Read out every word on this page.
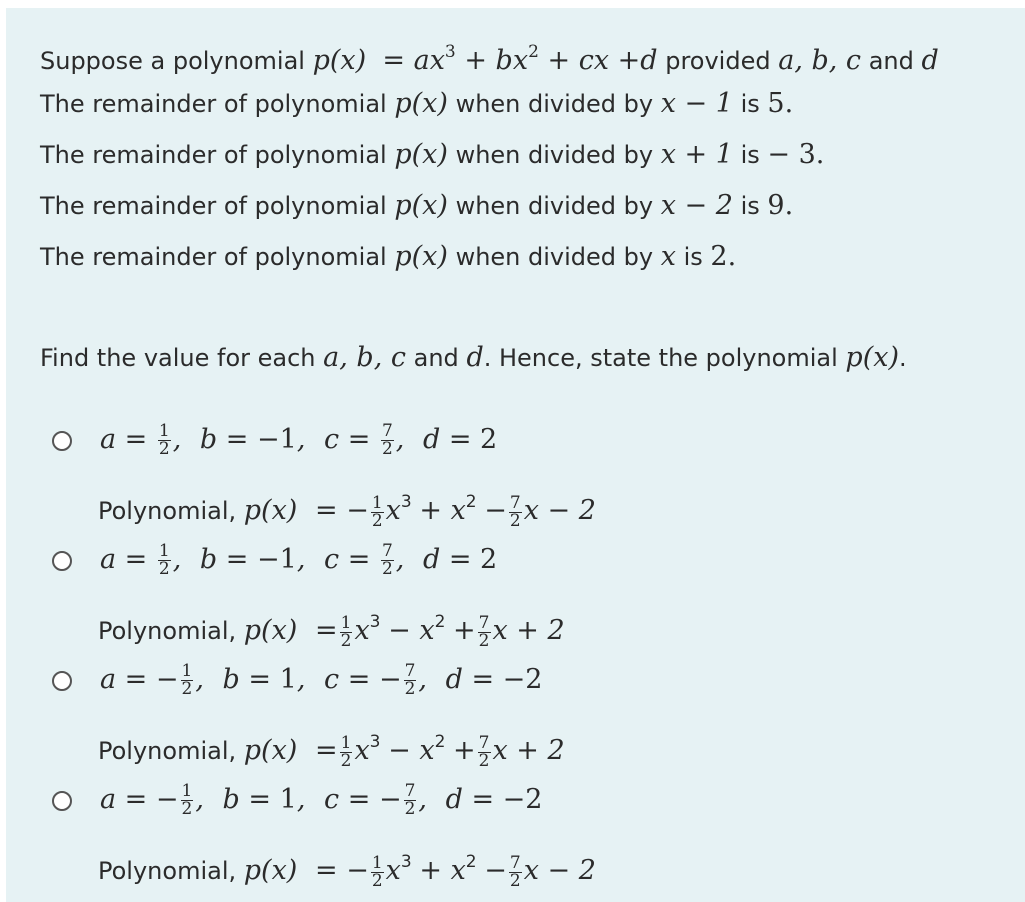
Suppose a polynomial $p(x) = ax^3 + bx^2$ + cx +d provided a, b, c and d
The remainder of polynomial p(x) when divided by x − 1 is 5.
The remainder of polynomial p(x) when divided by x + 1 is − 3.
The remainder of polynomial p(x) when divided by x − 2 is 9.
The remainder of polynomial p(x) when divided by x is 2.
Find the value for each a, b, c and d. Hence, state the polynomial p(x).
$a = \frac{1}{2}$ , b = −1, $c = \frac{7}{2}$ , d = 2
Polynomial, p(x) = − $\frac{1}{2} x^3 + x^2 - \frac{7}{2}$ x − 2
$a = \frac{1}{2}$ , b = −1, $c = \frac{7}{2}$ , d = 2
Polynomial, $p(x) = \frac{1}{2} x^3 - x^2 + \frac{7}{2}$ x + 2
a = − $\frac{1}{2}$ , b = 1, c = − $\frac{7}{2}$ , d = −2
Polynomial, $p(x) = \frac{1}{2} x^3 - x^2 + \frac{7}{2}$ x + 2
a = − $\frac{1}{2}$ , b = 1, c = − $\frac{7}{2}$ , d = −2
Polynomial, p(x) = − $\frac{1}{2} x^3 + x^2 - \frac{7}{2}$ x − 2
